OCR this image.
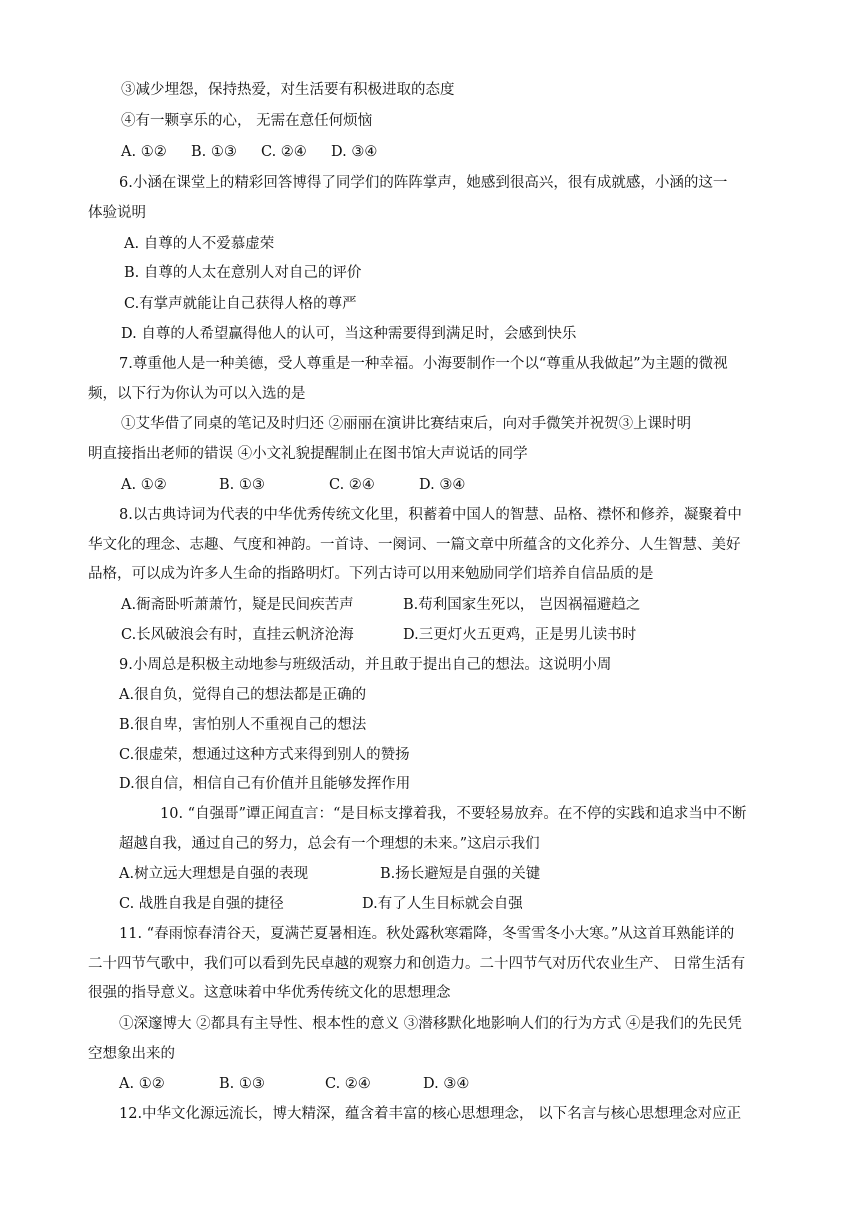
③减少埋怨，保持热爱，对生活要有积极进取的态度
④有一颗享乐的心， 无需在意任何烦恼
A. ①② B. ①③ C. ②④ D. ③④
6.小涵在课堂上的精彩回答博得了同学们的阵阵掌声，她感到很高兴，很有成就感，小涵的这一
体验说明
A. 自尊的人不爱慕虚荣
B. 自尊的人太在意别人对自己的评价
C.有掌声就能让自己获得人格的尊严
D. 自尊的人希望赢得他人的认可，当这种需要得到满足时，会感到快乐
7.尊重他人是一种美德，受人尊重是一种幸福。小海要制作一个以“尊重从我做起”为主题的微视
频，以下行为你认为可以入选的是
①艾华借了同桌的笔记及时归还 ②丽丽在演讲比赛结束后，向对手微笑并祝贺③上课时明
明直接指出老师的错误 ④小文礼貌提醒制止在图书馆大声说话的同学
A. ①②	B. ①③	C. ②④	D. ③④
8.以古典诗词为代表的中华优秀传统文化里，积蓄着中国人的智慧、品格、襟怀和修养，凝聚着中
华文化的理念、志趣、气度和神韵。一首诗、一阕词、一篇文章中所蕴含的文化养分、人生智慧、美好
品格，可以成为许多人生命的指路明灯。下列古诗可以用来勉励同学们培养自信品质的是
A.衙斋卧听萧萧竹，疑是民间疾苦声	B.苟利国家生死以， 岂因祸福避趋之
C.长风破浪会有时，直挂云帆济沧海	D.三更灯火五更鸡，正是男儿读书时
9.小周总是积极主动地参与班级活动，并且敢于提出自己的想法。这说明小周
A.很自负，觉得自己的想法都是正确的
B.很自卑，害怕别人不重视自己的想法
C.很虚荣，想通过这种方式来得到别人的赞扬
D.很自信，相信自己有价值并且能够发挥作用
10. “自强哥”谭正闻直言：“是目标支撑着我，不要轻易放弃。在不停的实践和追求当中不断
超越自我，通过自己的努力，总会有一个理想的未来。”这启示我们
A.树立远大理想是自强的表现	B.扬长避短是自强的关键
C. 战胜自我是自强的捷径	D.有了人生目标就会自强
11. “春雨惊春清谷天，夏满芒夏暑相连。秋处露秋寒霜降，冬雪雪冬小大寒。”从这首耳熟能详的
二十四节气歌中，我们可以看到先民卓越的观察力和创造力。二十四节气对历代农业生产、 日常生活有
很强的指导意义。这意味着中华优秀传统文化的思想理念
①深邃博大 ②都具有主导性、根本性的意义 ③潜移默化地影响人们的行为方式 ④是我们的先民凭
空想象出来的
A. ①②	B. ①③	C. ②④	D. ③④
12.中华文化源远流长，博大精深，蕴含着丰富的核心思想理念， 以下名言与核心思想理念对应正
